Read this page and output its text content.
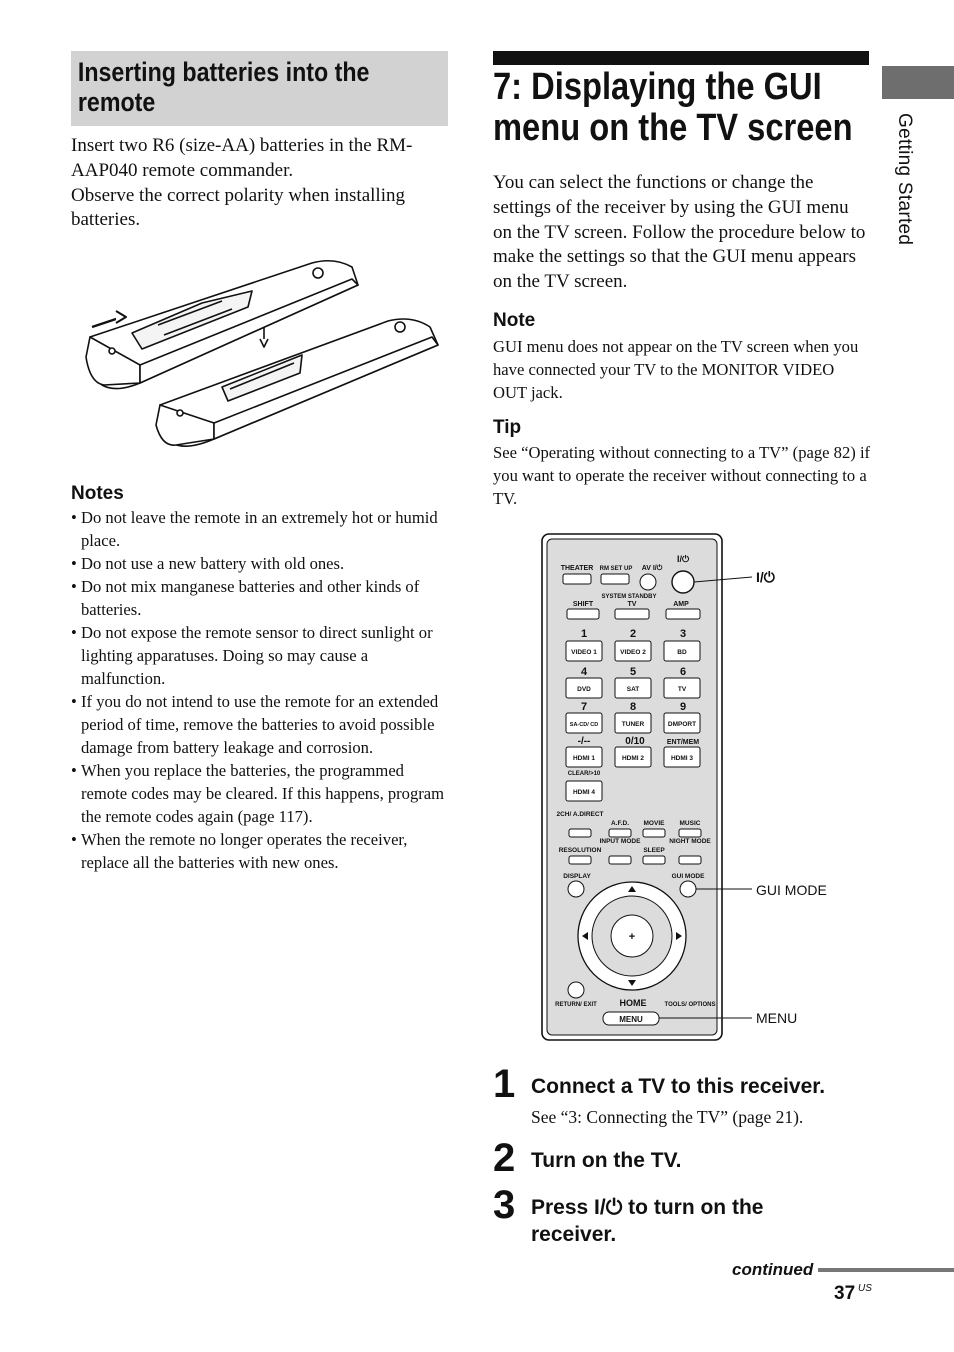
Inserting batteries into the remote

Insert two R6 (size-AA) batteries in the RM-AAP040 remote commander.

Observe the correct polarity when installing batteries.

Notes
• Do not leave the remote in an extremely hot or humid place.
• Do not use a new battery with old ones.
• Do not mix manganese batteries and other kinds of batteries.
• Do not expose the remote sensor to direct sunlight or lighting apparatuses. Doing so may cause a malfunction.
• If you do not intend to use the remote for an extended period of time, remove the batteries to avoid possible damage from battery leakage and corrosion.
• When you replace the batteries, the programmed remote codes may be cleared. If this happens, program the remote codes again (page 117).
• When the remote no longer operates the receiver, replace all the batteries with new ones.
7: Displaying the GUI menu on the TV screen

You can select the functions or change the settings of the receiver by using the GUI menu on the TV screen. Follow the procedure below to make the settings so that the GUI menu appears on the TV screen.

Note

GUI menu does not appear on the TV screen when you have connected your TV to the MONITOR VIDEO OUT jack.

Tip

See “Operating without connecting to a TV” (page 82) if you want to operate the receiver without connecting to a TV.

THEATER RM SET UP AV I/⏻
I/⏻
SYSTEM STANDBY
SHIFT	TV	AMP
1	2	3
4	5	6
7	8	9
-/--	0/10	ENT/MEM
VIDEO 1	VIDEO 2	BD
DVD	SAT	TV
SA-CD/ CD	TUNER	DMPORT
HDMI 1	HDMI 2	HDMI 3
CLEAR/>10
HDMI 4
2CH/ A.DIRECT
A.F.D. MOVIE MUSIC
RESOLUTION
INPUT MODE
SLEEP
NIGHT MODE
DISPLAY	GUI MODE
+
RETURN/ EXIT	HOME	TOOLS/ OPTIONS
MENU
I/⏻
GUI MODE
MENU
1 Connect a TV to this receiver.
See “3: Connecting the TV” (page 21).
2 Turn on the TV.
3 Press I/⏻ to turn on the receiver.
Getting Started
continued
37 US
